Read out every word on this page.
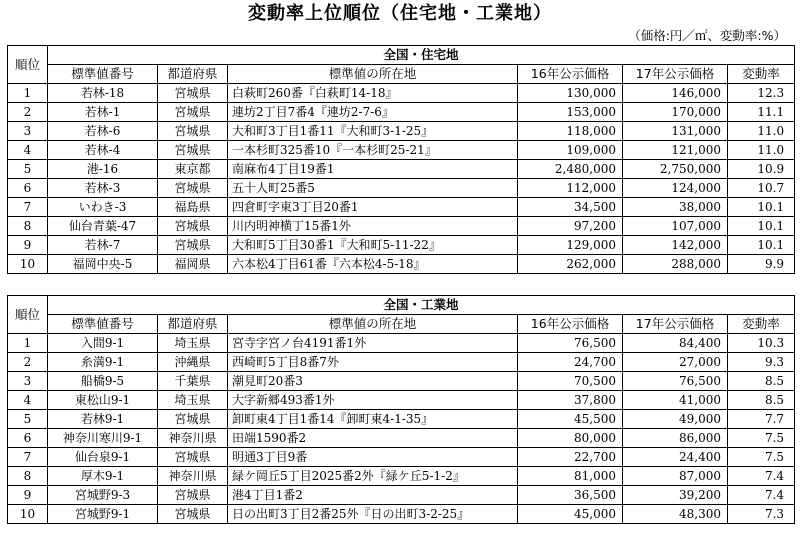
変動率上位順位（住宅地・工業地）
（価格:円／㎡、変動率:%）
順位	全国・住宅地					
	標準値番号	都道府県	標準値の所在地	16年公示価格	17年公示価格	変動率
1	若林-18	宮城県	白萩町260番『白萩町14-18』	130,000	146,000	12.3
2	若林-1	宮城県	連坊2丁目7番4『連坊2-7-6』	153,000	170,000	11.1
3	若林-6	宮城県	大和町3丁目1番11『大和町3-1-25』	118,000	131,000	11.0
4	若林-4	宮城県	一本杉町325番10『一本杉町25-21』	109,000	121,000	11.0
5	港-16	東京都	南麻布4丁目19番1	2,480,000	2,750,000	10.9
6	若林-3	宮城県	五十人町25番5	112,000	124,000	10.7
7	いわき-3	福島県	四倉町字東3丁目20番1	34,500	38,000	10.1
8	仙台青葉-47	宮城県	川内明神横丁15番1外	97,200	107,000	10.1
9	若林-7	宮城県	大和町5丁目30番1『大和町5-11-22』	129,000	142,000	10.1
10	福岡中央-5	福岡県	六本松4丁目61番『六本松4-5-18』	262,000	288,000	9.9
順位	全国・工業地					
	標準値番号	都道府県	標準値の所在地	16年公示価格	17年公示価格	変動率
1	入間9-1	埼玉県	宮寺字宮ノ台4191番1外	76,500	84,400	10.3
2	糸満9-1	沖縄県	西崎町5丁目8番7外	24,700	27,000	9.3
3	船橋9-5	千葉県	潮見町20番3	70,500	76,500	8.5
4	東松山9-1	埼玉県	大字新郷493番1外	37,800	41,000	8.5
5	若林9-1	宮城県	卸町東4丁目1番14『卸町東4-1-35』	45,500	49,000	7.7
6	神奈川寒川9-1	神奈川県	田端1590番2	80,000	86,000	7.5
7	仙台泉9-1	宮城県	明通3丁目9番	22,700	24,400	7.5
8	厚木9-1	神奈川県	緑ケ岡丘5丁目2025番2外『緑ケ丘5-1-2』	81,000	87,000	7.4
9	宮城野9-3	宮城県	港4丁目1番2	36,500	39,200	7.4
10	宮城野9-1	宮城県	日の出町3丁目2番25外『日の出町3-2-25』	45,000	48,300	7.3
